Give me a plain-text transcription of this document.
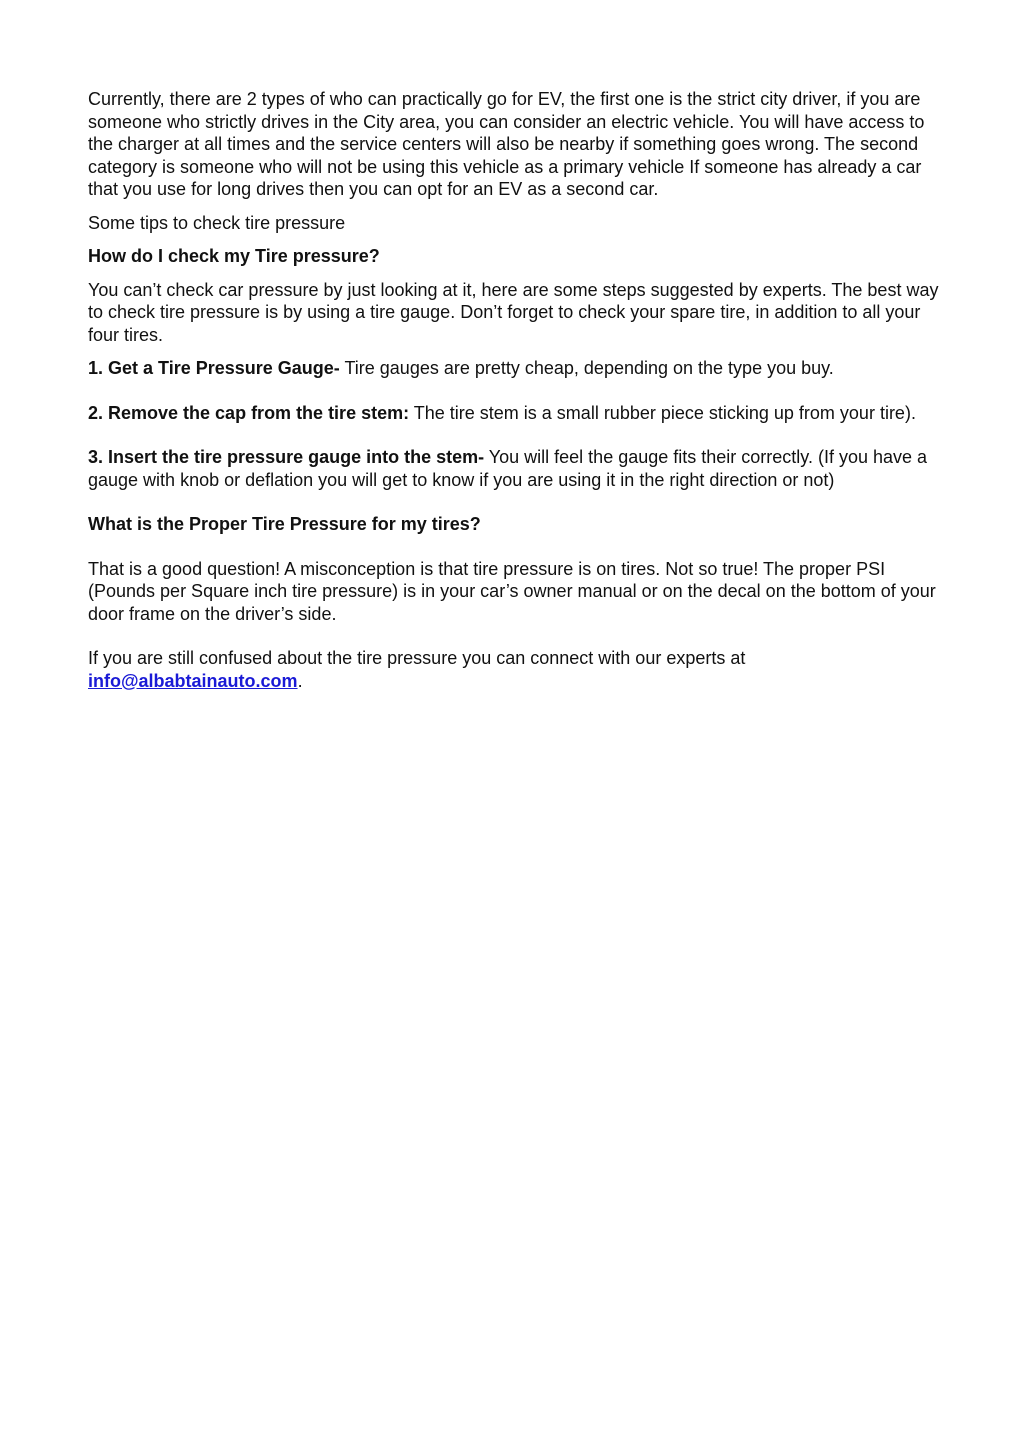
Currently, there are 2 types of who can practically go for EV, the first one is the strict city driver, if you are someone who strictly drives in the City area, you can consider an electric vehicle. You will have access to the charger at all times and the service centers will also be nearby if something goes wrong. The second category is someone who will not be using this vehicle as a primary vehicle If someone has already a car that you use for long drives then you can opt for an EV as a second car.

Some tips to check tire pressure

How do I check my Tire pressure?

You can’t check car pressure by just looking at it, here are some steps suggested by experts. The best way to check tire pressure is by using a tire gauge. Don’t forget to check your spare tire, in addition to all your four tires.

1. Get a Tire Pressure Gauge- Tire gauges are pretty cheap, depending on the type you buy.

2. Remove the cap from the tire stem: The tire stem is a small rubber piece sticking up from your tire).

3. Insert the tire pressure gauge into the stem- You will feel the gauge fits their correctly. (If you have a gauge with knob or deflation you will get to know if you are using it in the right direction or not)

What is the Proper Tire Pressure for my tires?

That is a good question! A misconception is that tire pressure is on tires. Not so true! The proper PSI (Pounds per Square inch tire pressure) is in your car’s owner manual or on the decal on the bottom of your door frame on the driver’s side.

If you are still confused about the tire pressure you can connect with our experts at info@albabtainauto.com.
